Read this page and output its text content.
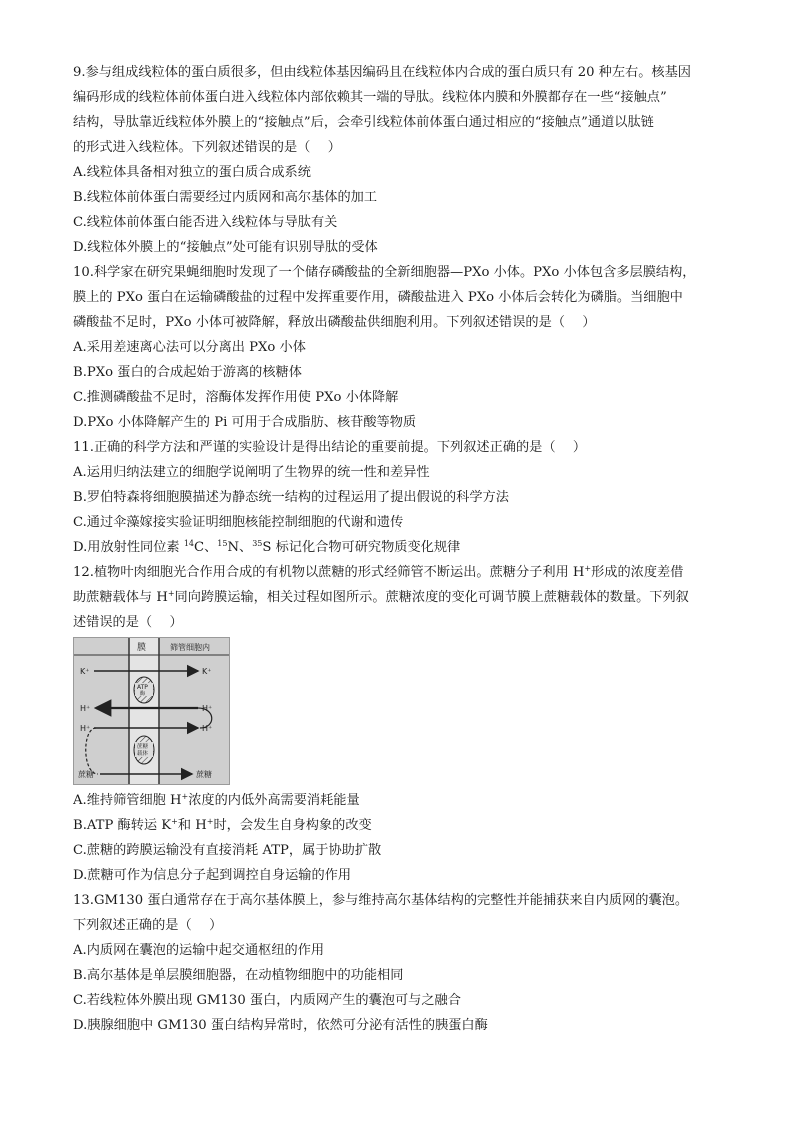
9.参与组成线粒体的蛋白质很多，但由线粒体基因编码且在线粒体内合成的蛋白质只有 20 种左右。核基因
编码形成的线粒体前体蛋白进入线粒体内部依赖其一端的导肽。线粒体内膜和外膜都存在一些“接触点”
结构，导肽靠近线粒体外膜上的“接触点”后，会牵引线粒体前体蛋白通过相应的“接触点”通道以肽链
的形式进入线粒体。下列叙述错误的是（　 ）
A.线粒体具备相对独立的蛋白质合成系统
B.线粒体前体蛋白需要经过内质网和高尔基体的加工
C.线粒体前体蛋白能否进入线粒体与导肽有关
D.线粒体外膜上的“接触点”处可能有识别导肽的受体
10.科学家在研究果蝇细胞时发现了一个储存磷酸盐的全新细胞器—PXo 小体。PXo 小体包含多层膜结构，
膜上的 PXo 蛋白在运输磷酸盐的过程中发挥重要作用，磷酸盐进入 PXo 小体后会转化为磷脂。当细胞中
磷酸盐不足时，PXo 小体可被降解，释放出磷酸盐供细胞利用。下列叙述错误的是（　 ）
A.采用差速离心法可以分离出 PXo 小体
B.PXo 蛋白的合成起始于游离的核糖体
C.推测磷酸盐不足时，溶酶体发挥作用使 PXo 小体降解
D.PXo 小体降解产生的 Pi 可用于合成脂肪、核苷酸等物质
11.正确的科学方法和严谨的实验设计是得出结论的重要前提。下列叙述正确的是（　 ）
A.运用归纳法建立的细胞学说阐明了生物界的统一性和差异性
B.罗伯特森将细胞膜描述为静态统一结构的过程运用了提出假说的科学方法
C.通过伞藻嫁接实验证明细胞核能控制细胞的代谢和遗传
D.用放射性同位素 $^{14}$C、$^{15}$N、$^{35}$S 标记化合物可研究物质变化规律
12.植物叶肉细胞光合作用合成的有机物以蔗糖的形式经筛管不断运出。蔗糖分子利用 H+形成的浓度差借
助蔗糖载体与 H+同向跨膜运输，相关过程如图所示。蔗糖浓度的变化可调节膜上蔗糖载体的数量。下列叙
述错误的是（　 ）
膜	筛管细胞内
K⁺	K⁺
ATP
酶
H⁺	H⁺
H⁺	H⁺
蔗糖
载体
蔗糖	蔗糖
A.维持筛管细胞 H+浓度的内低外高需要消耗能量
B.ATP 酶转运 K+和 H+时，会发生自身构象的改变
C.蔗糖的跨膜运输没有直接消耗 ATP，属于协助扩散
D.蔗糖可作为信息分子起到调控自身运输的作用
13.GM130 蛋白通常存在于高尔基体膜上，参与维持高尔基体结构的完整性并能捕获来自内质网的囊泡。
下列叙述正确的是（　 ）
A.内质网在囊泡的运输中起交通枢纽的作用
B.高尔基体是单层膜细胞器，在动植物细胞中的功能相同
C.若线粒体外膜出现 GM130 蛋白，内质网产生的囊泡可与之融合
D.胰腺细胞中 GM130 蛋白结构异常时，依然可分泌有活性的胰蛋白酶
